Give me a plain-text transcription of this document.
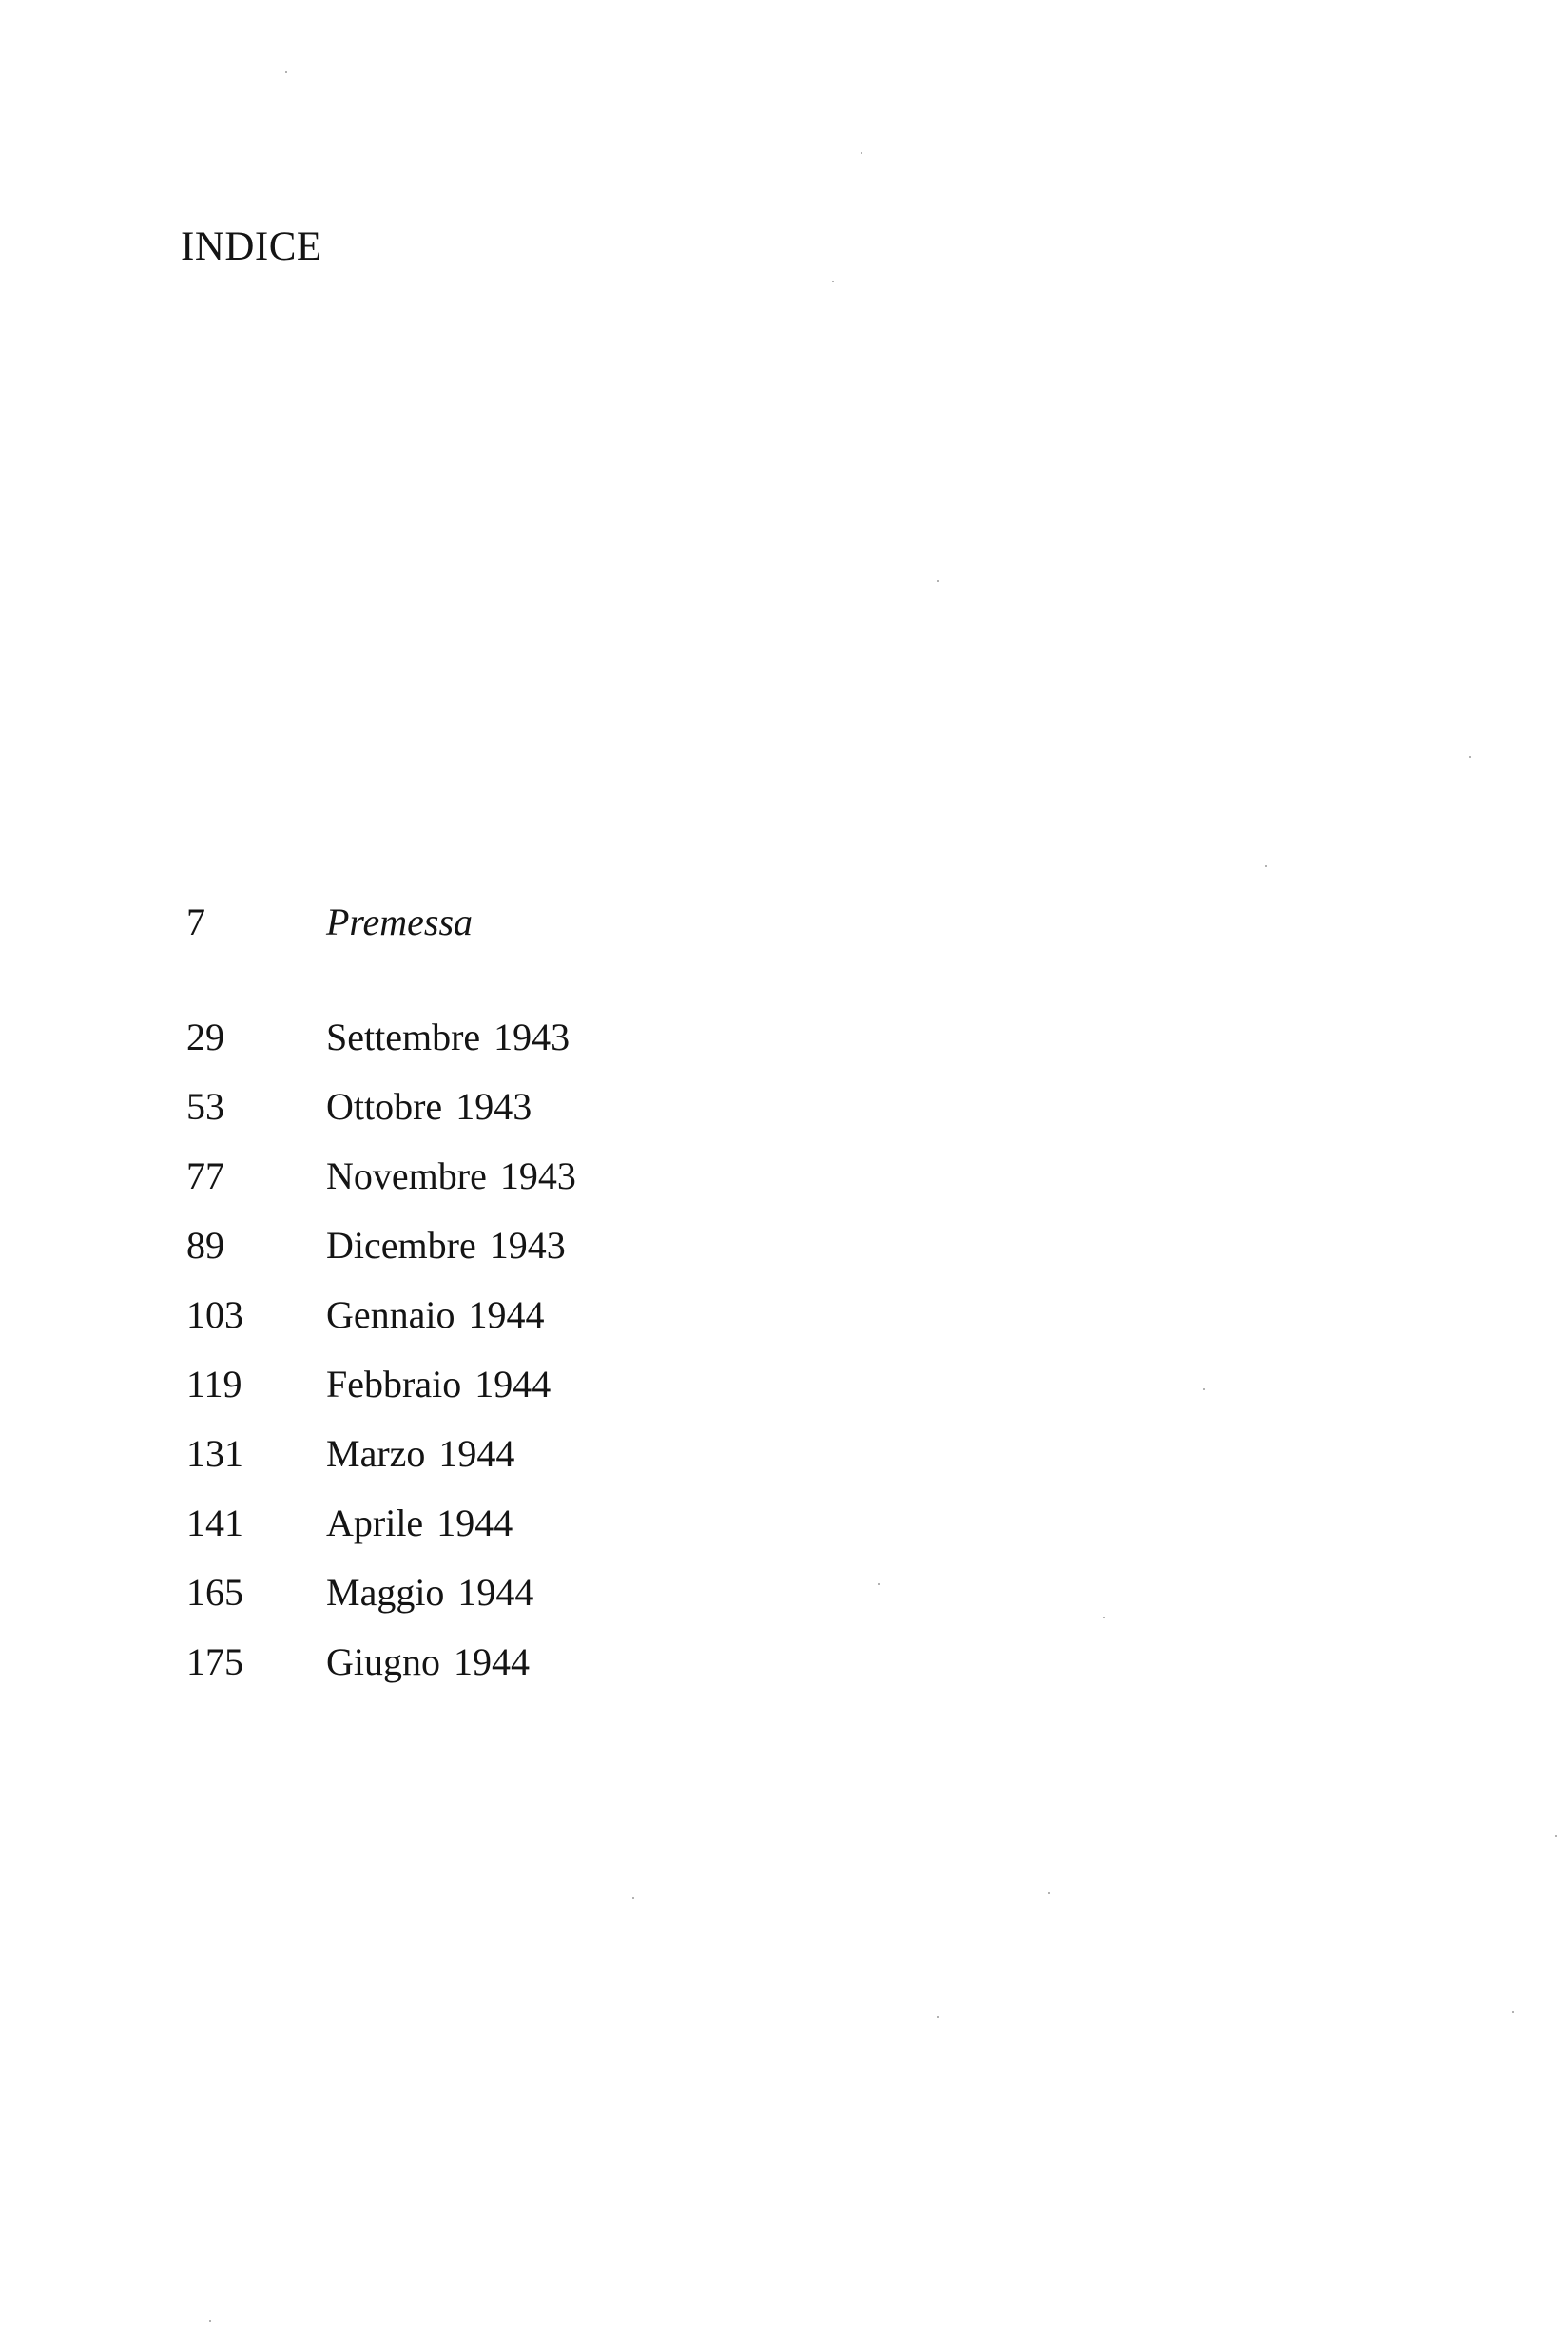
INDICE
7	Premessa
29	Settembre 1943
53	Ottobre 1943
77	Novembre 1943
89	Dicembre 1943
103 Gennaio 1944
119 Febbraio 1944
131 Marzo 1944
141 Aprile 1944
165 Maggio 1944
175 Giugno 1944
